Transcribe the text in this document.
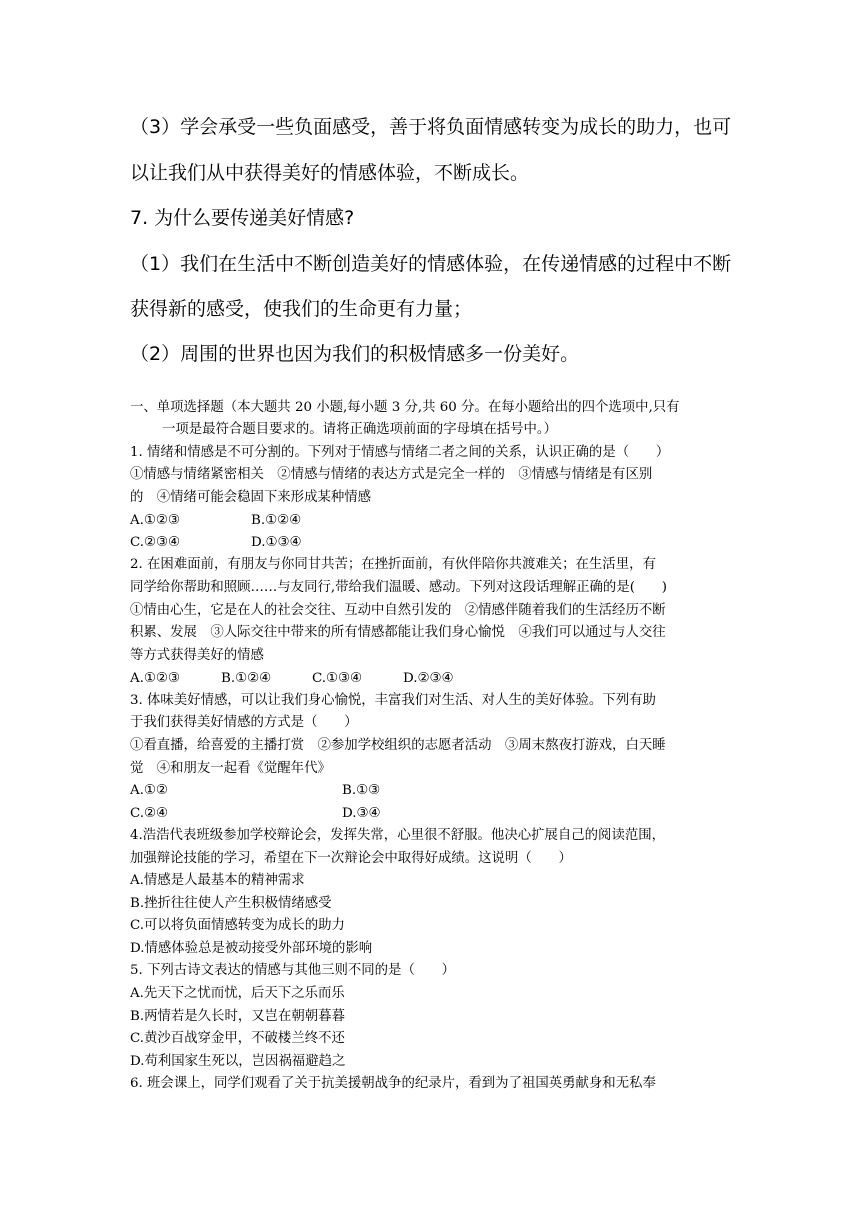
（3）学会承受一些负面感受，善于将负面情感转变为成长的助力，也可
以让我们从中获得美好的情感体验，不断成长。
7. 为什么要传递美好情感?
（1）我们在生活中不断创造美好的情感体验，在传递情感的过程中不断
获得新的感受，使我们的生命更有力量；
（2）周围的世界也因为我们的积极情感多一份美好。
一、单项选择题（本大题共 20 小题,每小题 3 分,共 60 分。在每小题给出的四个选项中,只有
一项是最符合题目要求的。请将正确选项前面的字母填在括号中。）
1. 情绪和情感是不可分割的。下列对于情感与情绪二者之间的关系，认识正确的是（　　）
①情感与情绪紧密相关　②情感与情绪的表达方式是完全一样的　③情感与情绪是有区别
的　④情绪可能会稳固下来形成某种情感
A.①②③	B.①②④
C.②③④	D.①③④
2. 在困难面前，有朋友与你同甘共苦；在挫折面前，有伙伴陪你共渡难关；在生活里，有
同学给你帮助和照顾……与友同行,带给我们温暖、感动。下列对这段话理解正确的是(　　)
①情由心生，它是在人的社会交往、互动中自然引发的　②情感伴随着我们的生活经历不断
积累、发展　③人际交往中带来的所有情感都能让我们身心愉悦　④我们可以通过与人交往
等方式获得美好的情感
A.①②③	B.①②④	C.①③④	D.②③④
3. 体味美好情感，可以让我们身心愉悦，丰富我们对生活、对人生的美好体验。下列有助
于我们获得美好情感的方式是（　　）
①看直播，给喜爱的主播打赏　②参加学校组织的志愿者活动　③周末熬夜打游戏，白天睡
觉　④和朋友一起看《觉醒年代》
A.①②	B.①③
C.②④	D.③④
4.浩浩代表班级参加学校辩论会，发挥失常，心里很不舒服。他决心扩展自己的阅读范围，
加强辩论技能的学习，希望在下一次辩论会中取得好成绩。这说明（　　）
A.情感是人最基本的精神需求
B.挫折往往使人产生积极情绪感受
C.可以将负面情感转变为成长的助力
D.情感体验总是被动接受外部环境的影响
5. 下列古诗文表达的情感与其他三则不同的是（　　）
A.先天下之忧而忧，后天下之乐而乐
B.两情若是久长时，又岂在朝朝暮暮
C.黄沙百战穿金甲，不破楼兰终不还
D.苟利国家生死以，岂因祸福避趋之
6. 班会课上，同学们观看了关于抗美援朝战争的纪录片，看到为了祖国英勇献身和无私奉
